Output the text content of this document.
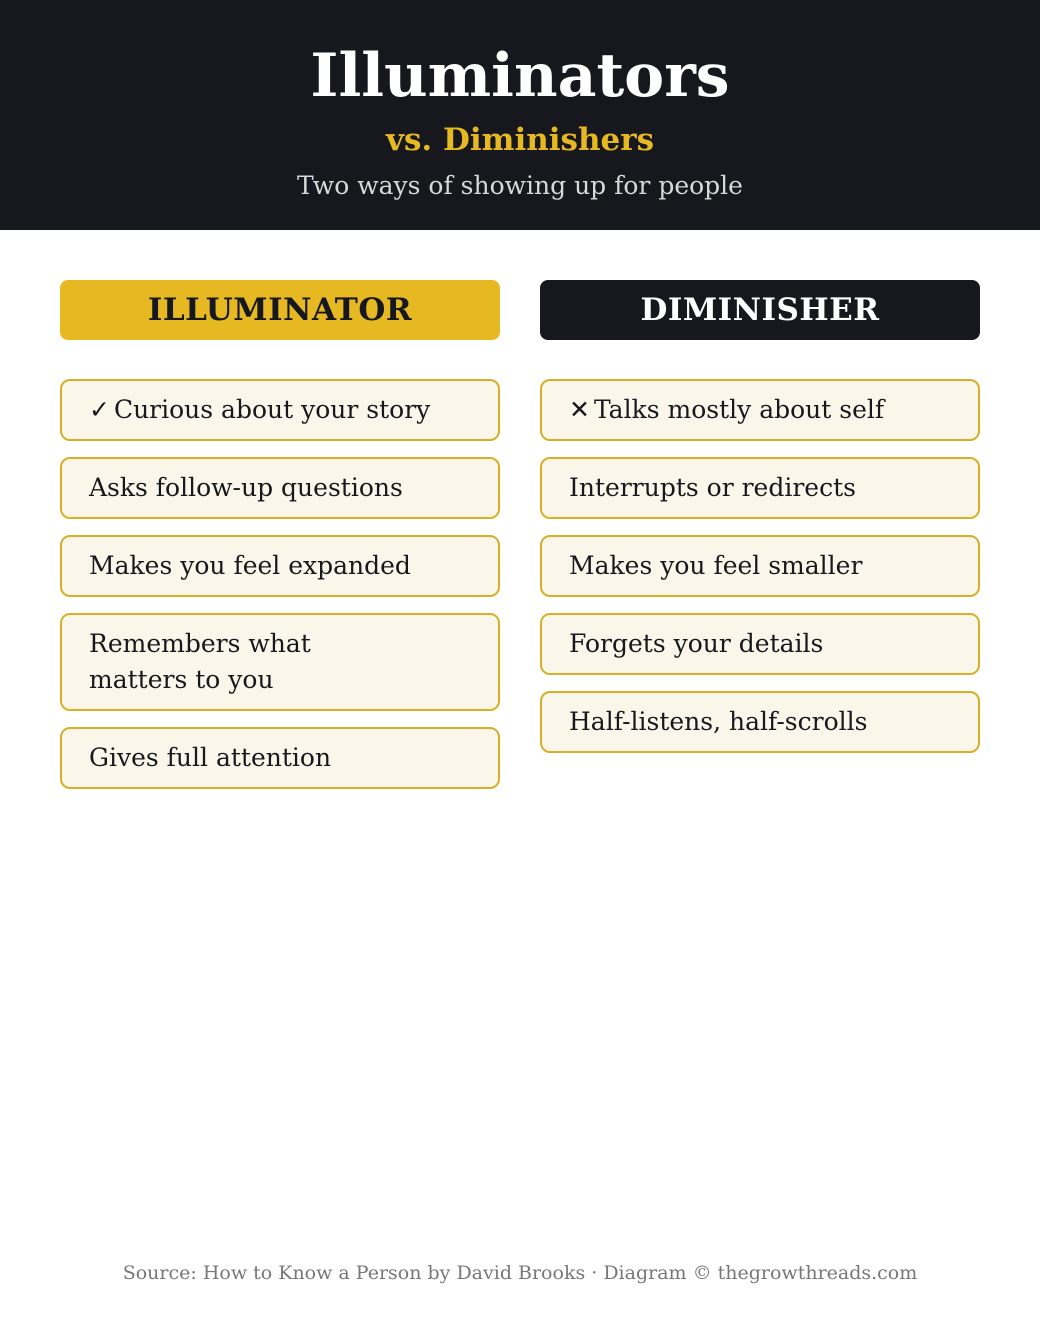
Illuminators
vs. Diminishers
Two ways of showing up for people
ILLUMINATOR	DIMINISHER
✓ Curious about your story
Asks follow-up questions
Makes you feel expanded
Remembers what matters to you
Gives full attention
✕ Talks mostly about self
Interrupts or redirects
Makes you feel smaller
Forgets your details
Half-listens, half-scrolls
Source: How to Know a Person by David Brooks · Diagram © thegrowthreads.com
